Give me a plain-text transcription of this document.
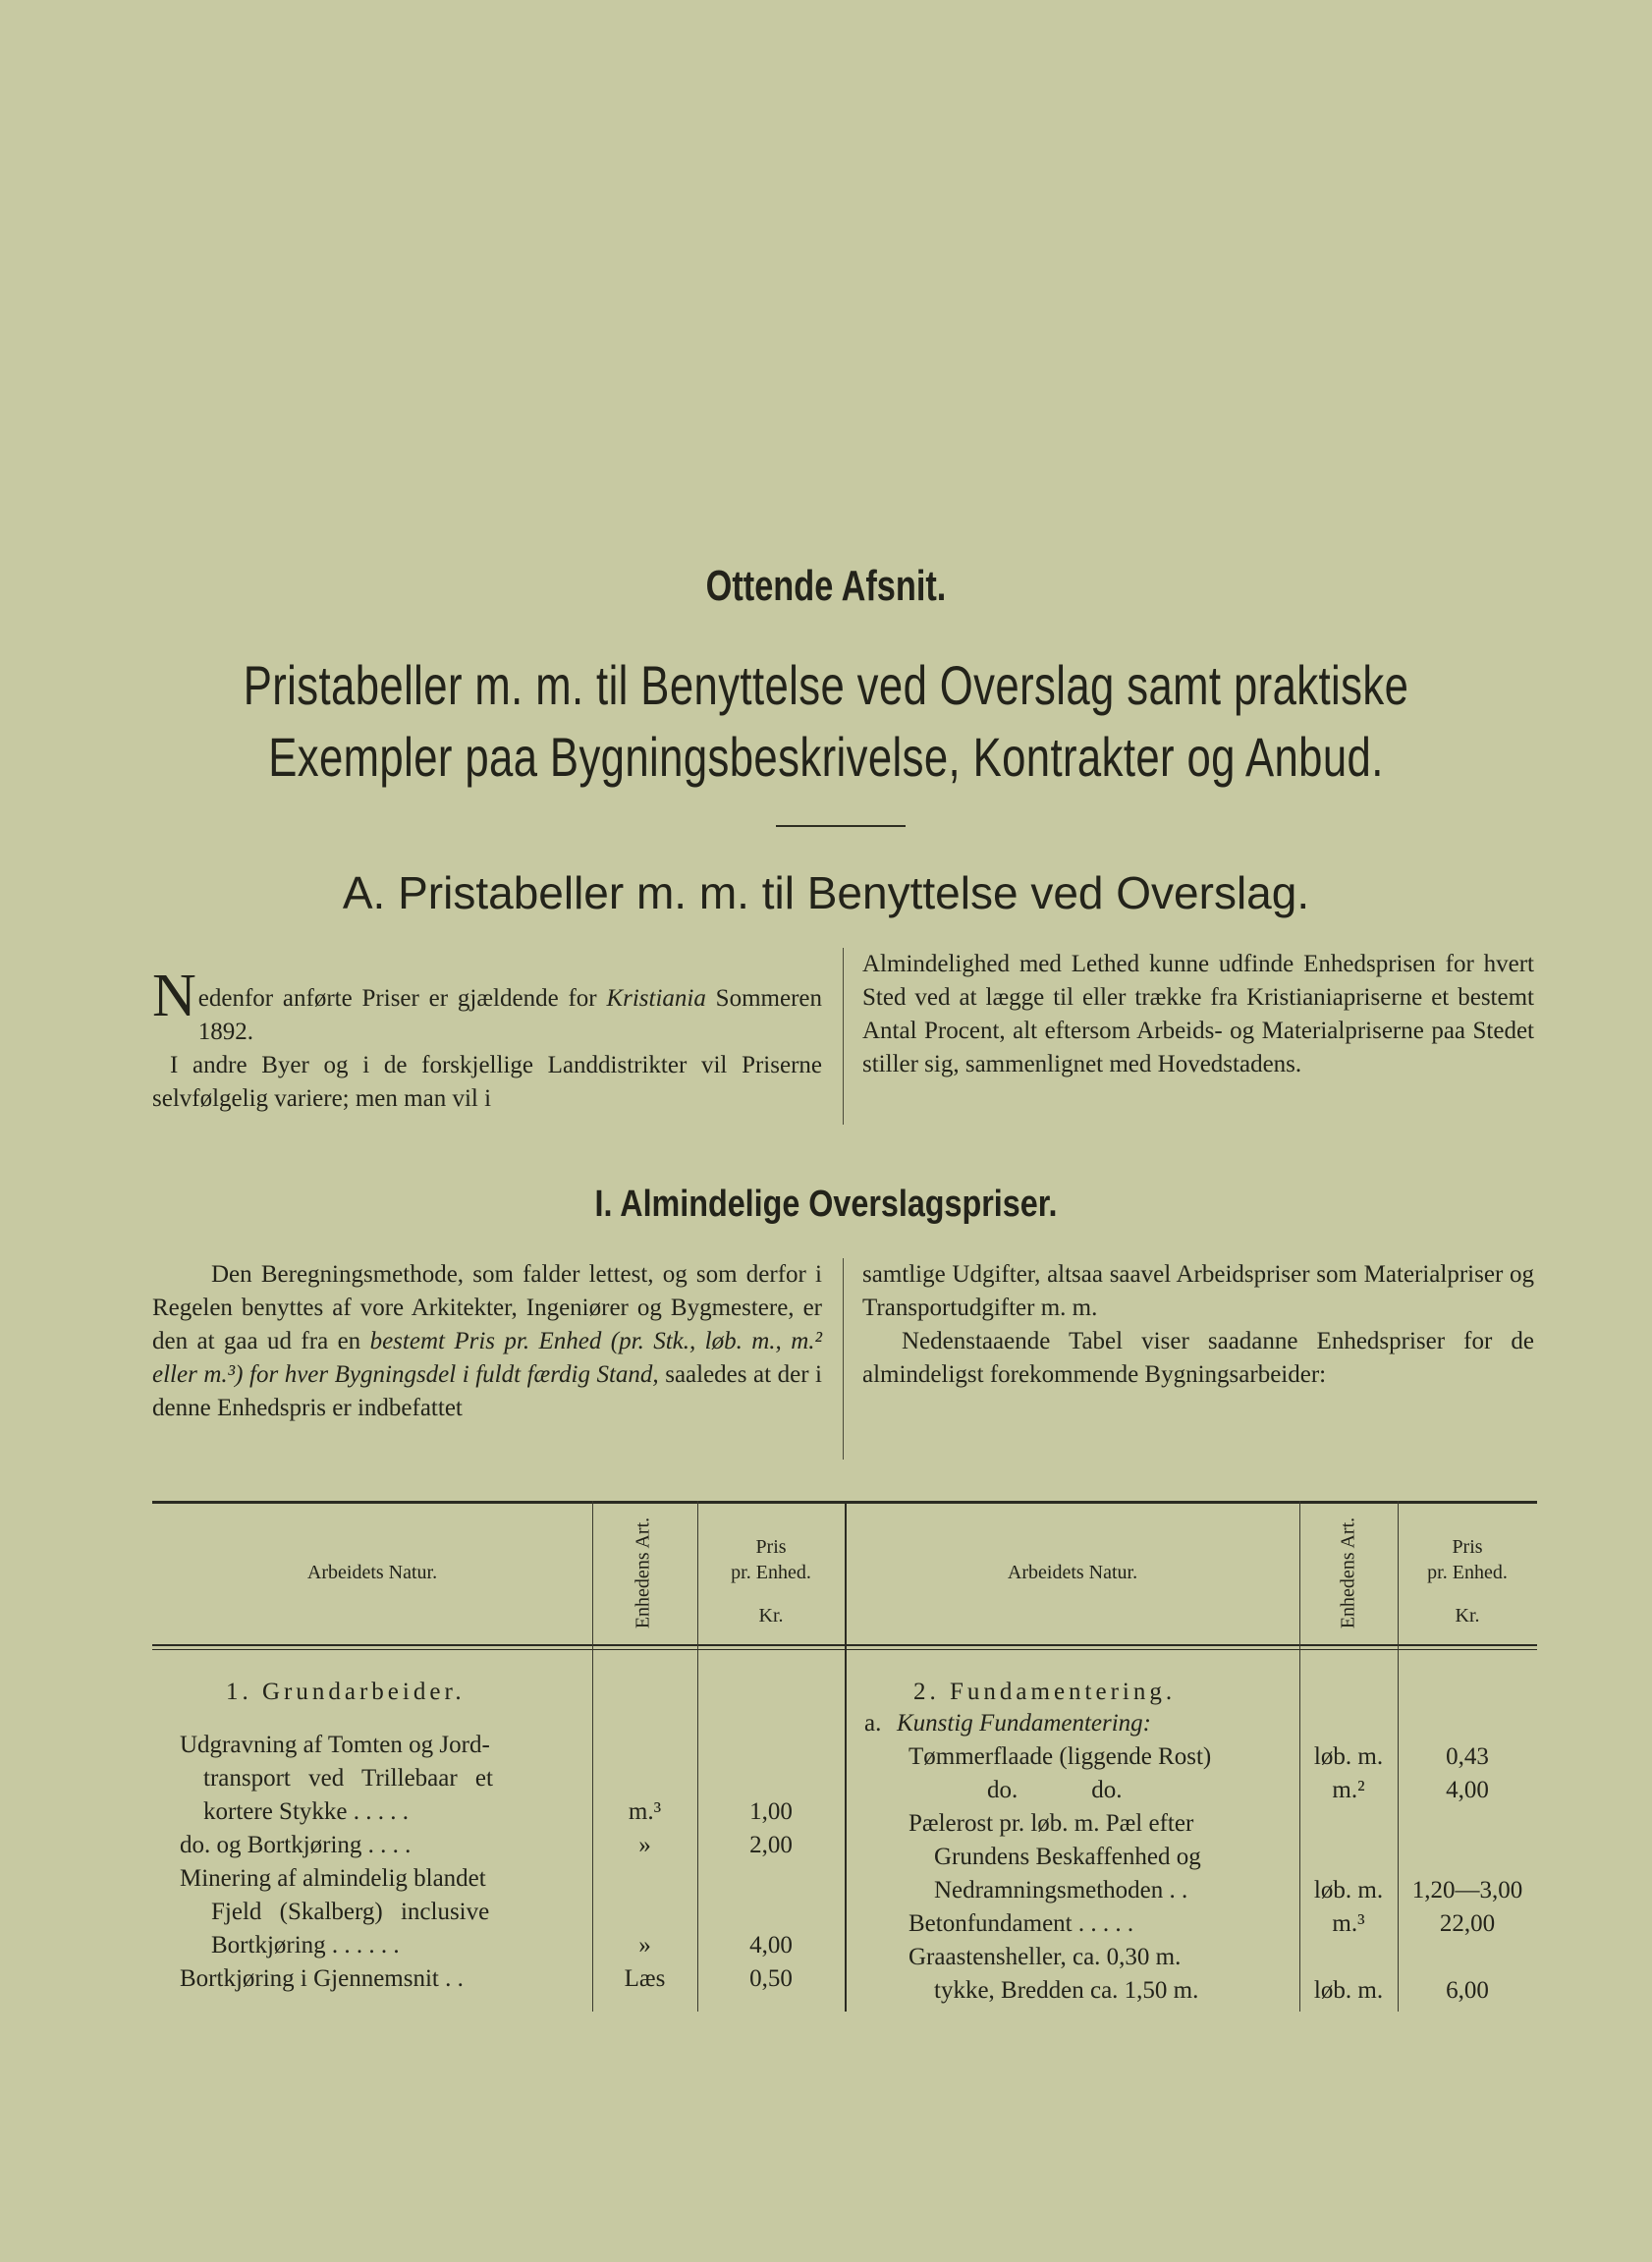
Ottende Afsnit.
Pristabeller m. m. til Benyttelse ved Overslag samt praktiske
Exempler paa Bygningsbeskrivelse, Kontrakter og Anbud.
A. Pristabeller m. m. til Benyttelse ved Overslag.

Nedenfor anførte Priser er gjældende for Kristiania Sommeren 1892.

I andre Byer og i de forskjellige Landdistrikter vil Priserne selvfølgelig variere; men man vil i

Almindelighed med Lethed kunne udfinde Enhedsprisen for hvert Sted ved at lægge til eller trække fra Kristianiapriserne et bestemt Antal Procent, alt eftersom Arbeids- og Materialpriserne paa Stedet stiller sig, sammenlignet med Hovedstadens.

I. Almindelige Overslagspriser.

Den Beregningsmethode, som falder lettest, og som derfor i Regelen benyttes af vore Arkitekter, Ingeniører og Bygmestere, er den at gaa ud fra en bestemt Pris pr. Enhed (pr. Stk., løb. m., m.² eller m.³) for hver Bygningsdel i fuldt færdig Stand, saaledes at der i denne Enhedspris er indbefattet

samtlige Udgifter, altsaa saavel Arbeidspriser som Materialpriser og Transportudgifter m. m.

Nedenstaaende Tabel viser saadanne Enhedspriser for de almindeligst forekommende Bygningsarbeider:

Arbeidets Natur.	Enhedens Art.	Pris
pr. Enhed.
Kr.
Arbeidets Natur.	Enhedens Art.	Pris
pr. Enhed.
Kr.
1. Grundarbeider.
Udgravning af Tomten og Jord-
transport ved Trillebaar et
kortere Stykke . . . . .	m.³	1,00
do. og Bortkjøring . . . .	»	2,00
Minering af almindelig blandet
Fjeld (Skalberg) inclusive
Bortkjøring . . . . . .	»	4,00
Bortkjøring i Gjennemsnit . .	Læs	0,50
2. Fundamentering.
a. Kunstig Fundamentering:
Tømmerflaade (liggende Rost)	løb. m.	0,43
do.            do.	m.²	4,00
Pælerost pr. løb. m. Pæl efter
Grundens Beskaffenhed og
Nedramningsmethoden . .	løb. m.	1,20—3,00
Betonfundament . . . . .	m.³	22,00
Graastensheller, ca. 0,30 m.
tykke, Bredden ca. 1,50 m.	løb. m.	6,00
